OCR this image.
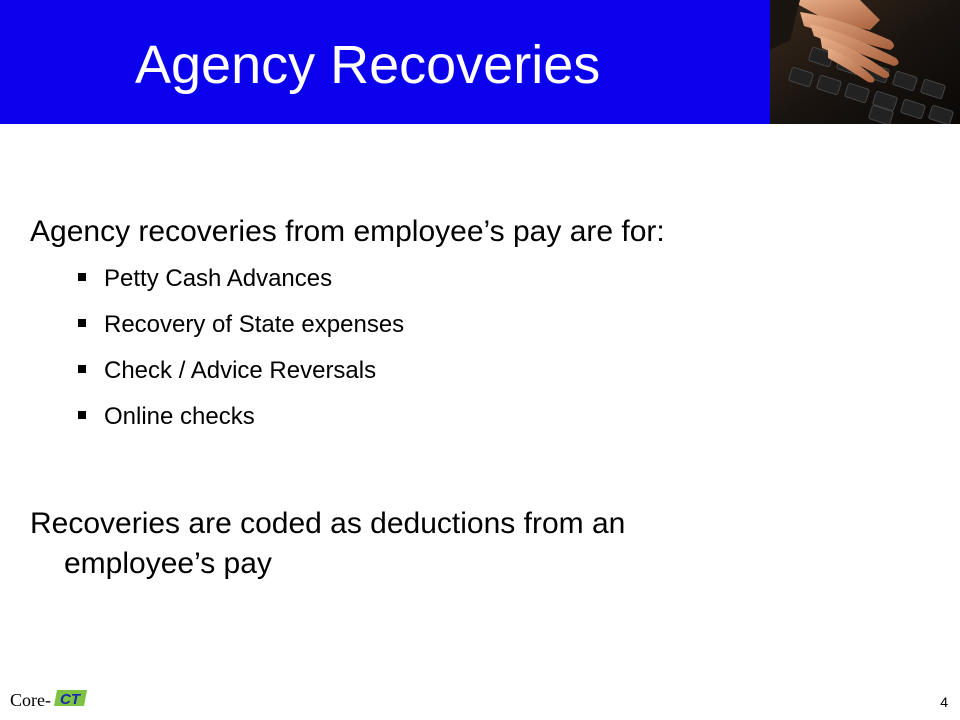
Agency Recoveries
Agency recoveries from employee’s pay are for:
Petty Cash Advances
Recovery of State expenses
Check / Advice Reversals
Online checks
Recoveries are coded as deductions from an
employee’s pay
Core- CT	4
